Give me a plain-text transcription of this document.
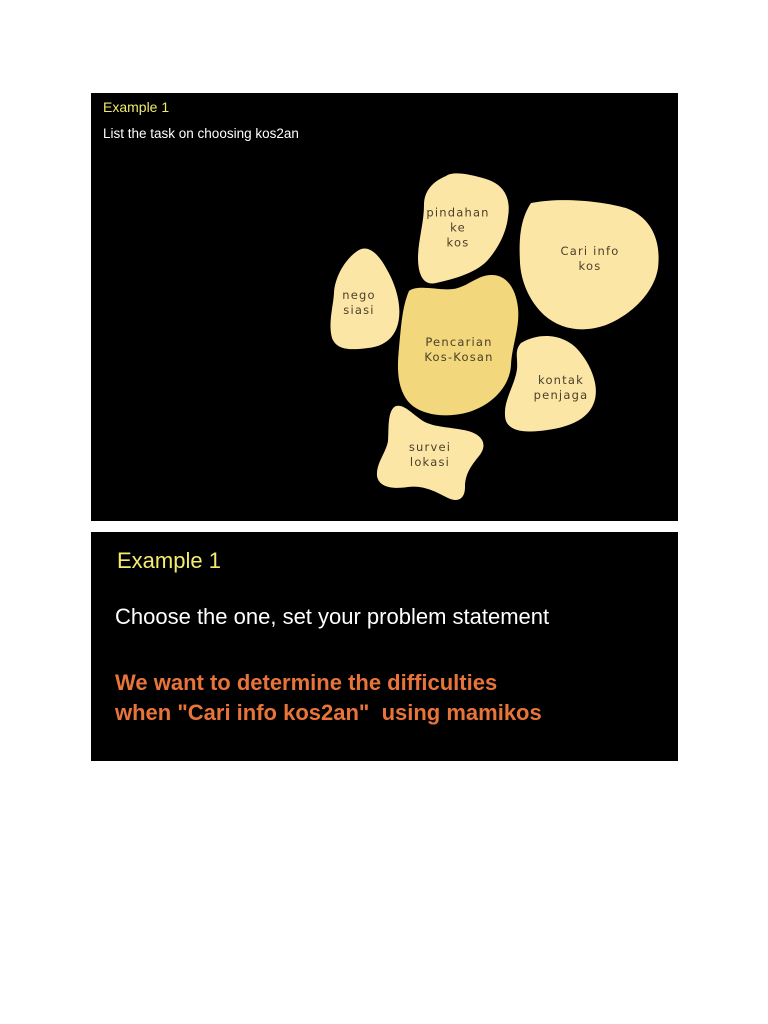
Example 1
List the task on choosing kos2an
pindahan
ke
kos
Cari info
kos
nego
siasi
Pencarian
Kos-Kosan
kontak
penjaga
survei
lokasi
Example 1
Choose the one, set your problem statement
We want to determine the difficulties
when "Cari info kos2an"  using mamikos
